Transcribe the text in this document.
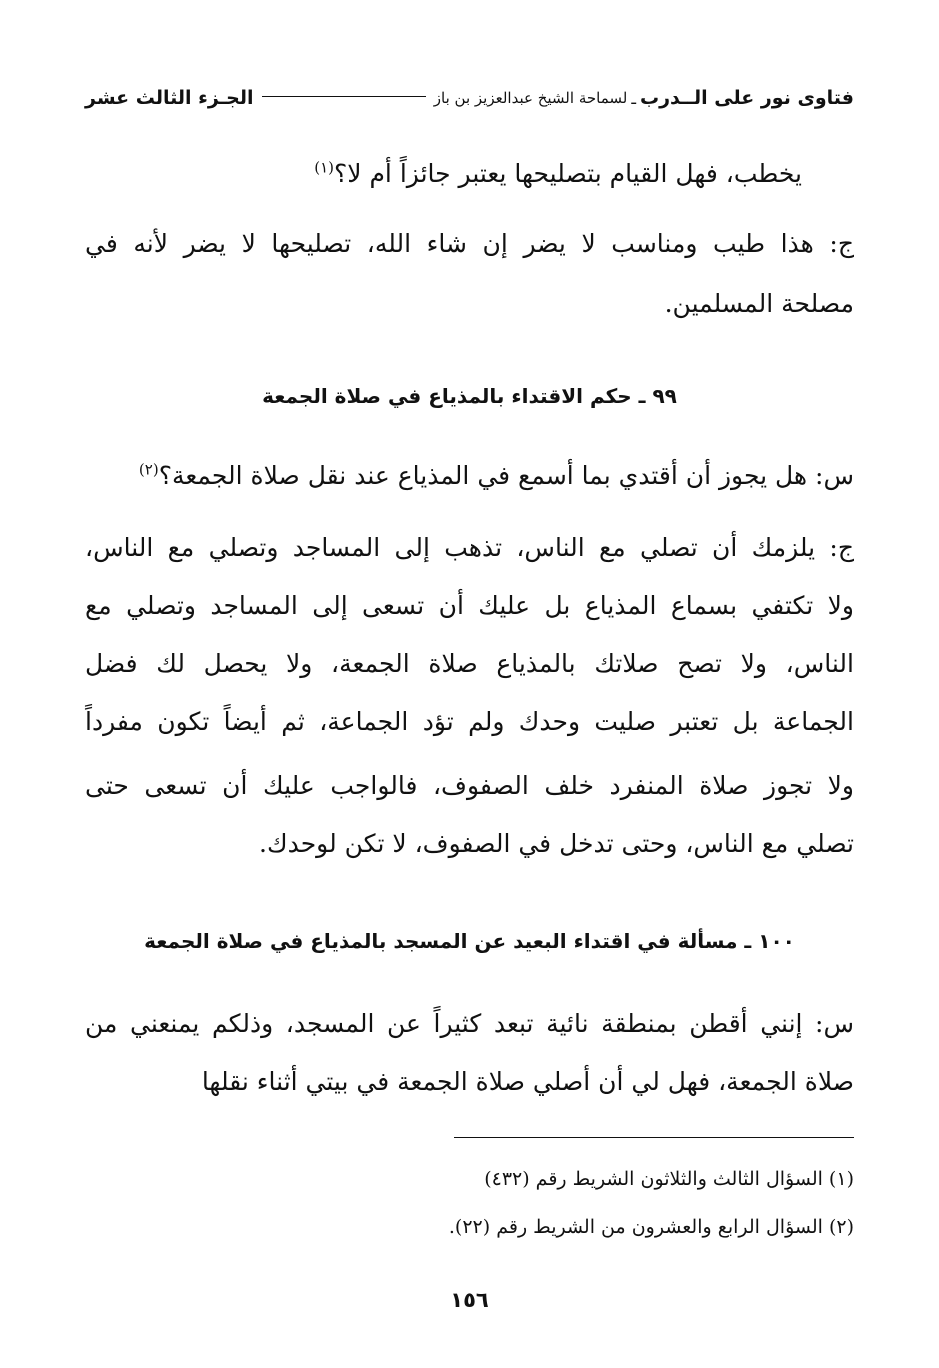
فتاوى نور على الــدرب
ـ
لسماحة الشيخ عبدالعزيز بن باز
الجـزء الثالث عشر
يخطب، فهل القيام بتصليحها يعتبر جائزاً أم لا؟$^{(١)}$
ج: هذا طيب ومناسب لا يضر إن شاء الله، تصليحها لا يضر لأنه في
مصلحة المسلمين.
س: هل يجوز أن أقتدي بما أسمع في المذياع عند نقل صلاة الجمعة؟$^{(٢)}$
ج: يلزمك أن تصلي مع الناس، تذهب إلى المساجد وتصلي مع الناس،
ولا تكتفي بسماع المذياع بل عليك أن تسعى إلى المساجد وتصلي مع
الناس، ولا تصح صلاتك بالمذياع صلاة الجمعة، ولا يحصل لك فضل
الجماعة بل تعتبر صليت وحدك ولم تؤد الجماعة، ثم أيضاً تكون مفرداً
ولا تجوز صلاة المنفرد خلف الصفوف، فالواجب عليك أن تسعى حتى
تصلي مع الناس، وحتى تدخل في الصفوف، لا تكن لوحدك.
س: إنني أقطن بمنطقة نائية تبعد كثيراً عن المسجد، وذلكم يمنعني من
صلاة الجمعة، فهل لي أن أصلي صلاة الجمعة في بيتي أثناء نقلها
٩٩ ـ حكم الاقتداء بالمذياع في صلاة الجمعة
١٠٠ ـ مسألة في اقتداء البعيد عن المسجد بالمذياع في صلاة الجمعة
(١) السؤال الثالث والثلاثون الشريط رقم (٤٣٢)
(٢) السؤال الرابع والعشرون من الشريط رقم (٢٢).
١٥٦
